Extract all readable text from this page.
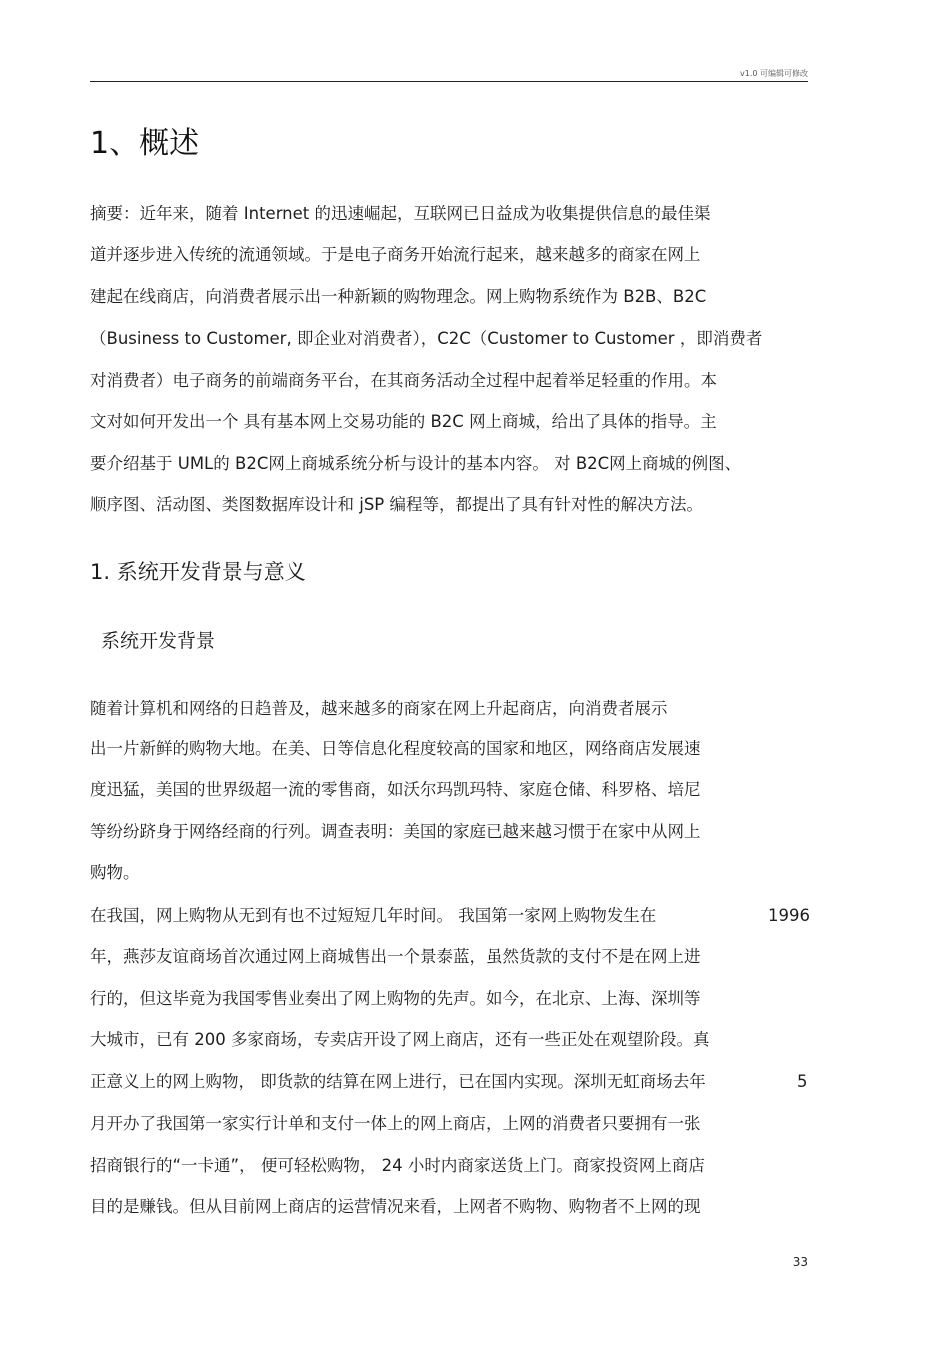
v1.0 可编辑可修改
1、概述
摘要：近年来，随着 Internet 的迅速崛起，互联网已日益成为收集提供信息的最佳渠
道并逐步进入传统的流通领域。于是电子商务开始流行起来，越来越多的商家在网上
建起在线商店，向消费者展示出一种新颖的购物理念。网上购物系统作为 B2B、B2C
（Business to Customer, 即企业对消费者），C2C（Customer to Customer ，即消费者
对消费者）电子商务的前端商务平台，在其商务活动全过程中起着举足轻重的作用。本
文对如何开发出一个 具有基本网上交易功能的 B2C 网上商城，给出了具体的指导。主
要介绍基于 UML的 B2C网上商城系统分析与设计的基本内容。 对 B2C网上商城的例图、
顺序图、活动图、类图数据库设计和 jSP 编程等，都提出了具有针对性的解决方法。
1. 系统开发背景与意义
系统开发背景
随着计算机和网络的日趋普及，越来越多的商家在网上升起商店，向消费者展示
出一片新鲜的购物大地。在美、日等信息化程度较高的国家和地区，网络商店发展速
度迅猛，美国的世界级超一流的零售商，如沃尔玛凯玛特、家庭仓储、科罗格、培尼
等纷纷跻身于网络经商的行列。调查表明：美国的家庭已越来越习惯于在家中从网上
购物。
在我国，网上购物从无到有也不过短短几年时间。 我国第一家网上购物发生在	1996
年，燕莎友谊商场首次通过网上商城售出一个景泰蓝，虽然货款的支付不是在网上进
行的，但这毕竟为我国零售业奏出了网上购物的先声。如今，在北京、上海、深圳等
大城市，已有 200 多家商场，专卖店开设了网上商店，还有一些正处在观望阶段。真
正意义上的网上购物， 即货款的结算在网上进行，已在国内实现。深圳无虹商场去年	5
月开办了我国第一家实行计单和支付一体上的网上商店，上网的消费者只要拥有一张
招商银行的“一卡通”， 便可轻松购物， 24 小时内商家送货上门。商家投资网上商店
目的是赚钱。但从目前网上商店的运营情况来看，上网者不购物、购物者不上网的现
33
